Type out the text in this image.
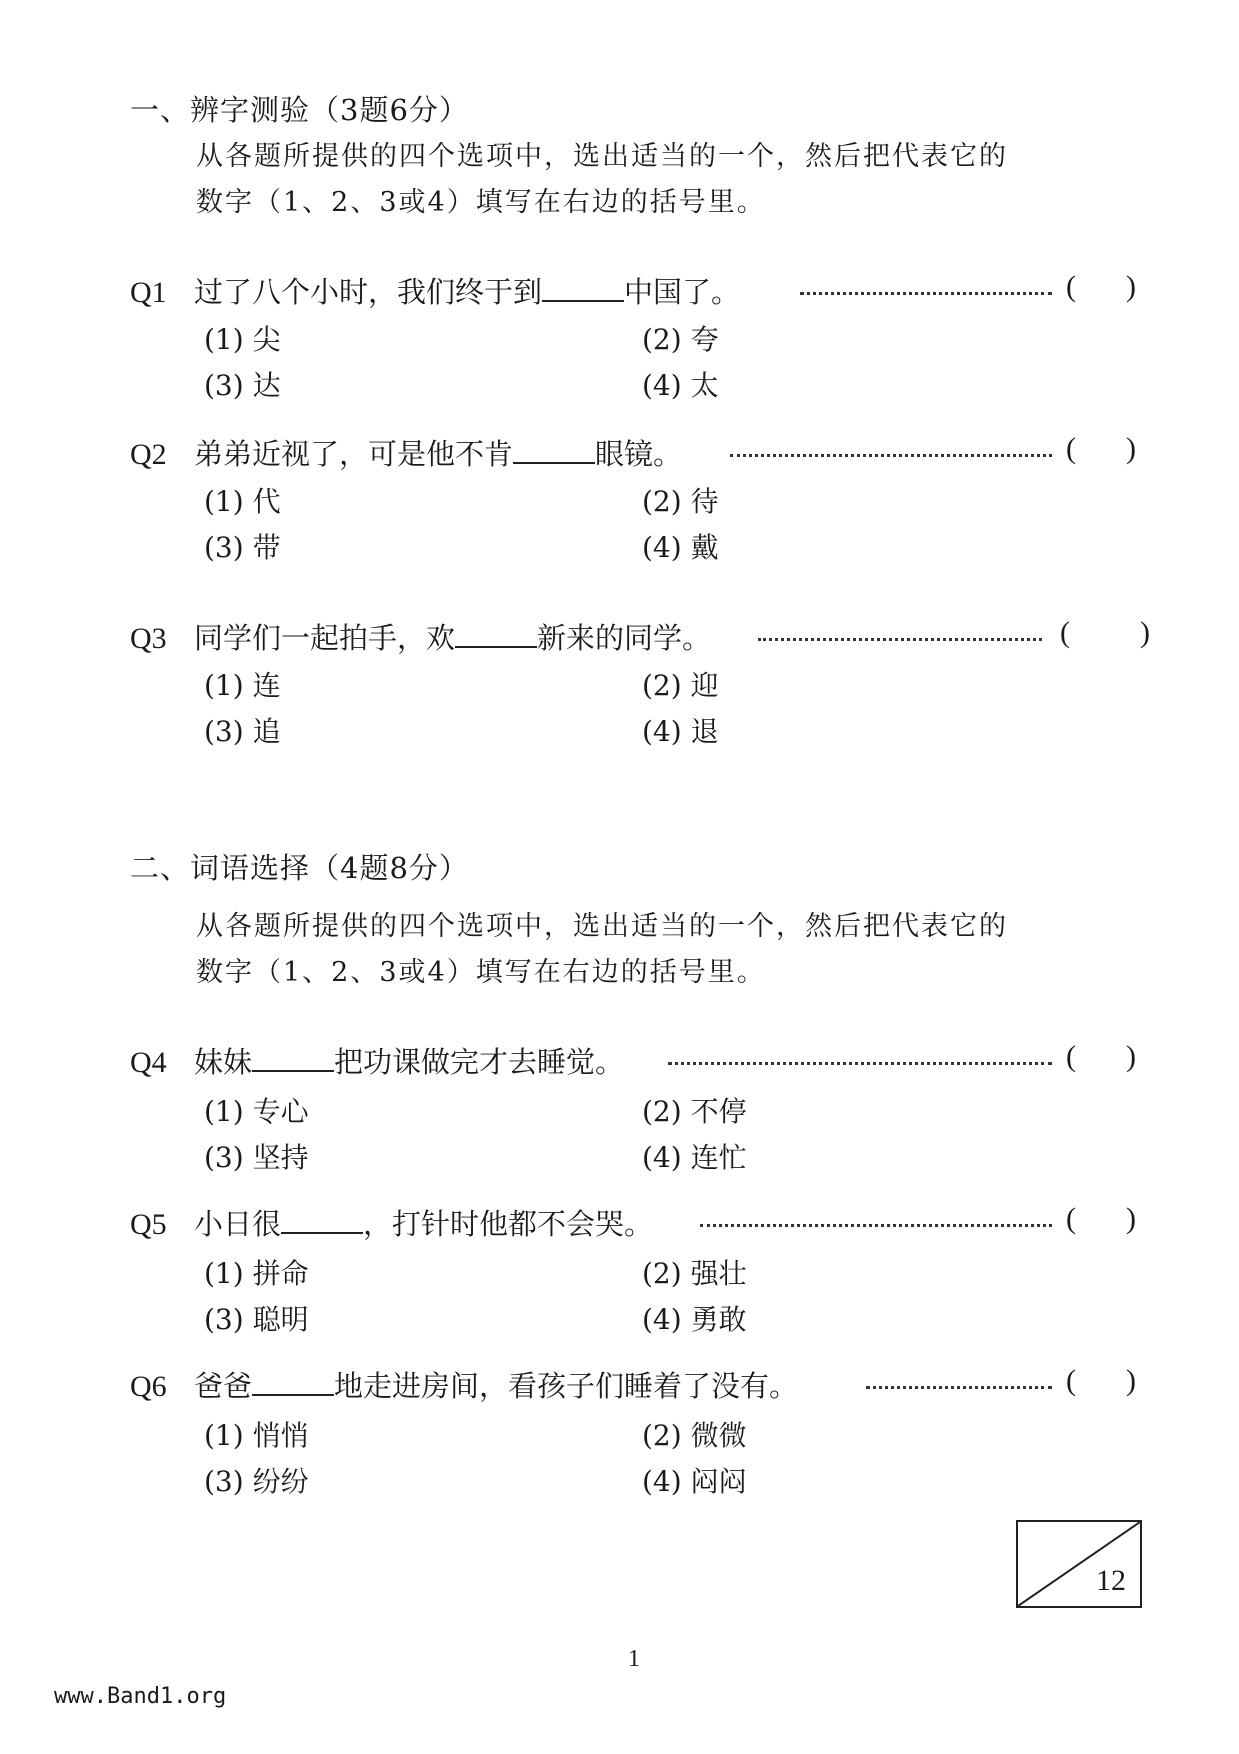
一、辨字测验（3题6分）
从各题所提供的四个选项中，选出适当的一个，然后把代表它的
数字（1、2、3或4）填写在右边的括号里。
Q1 过了八个小时，我们终于到	中国了。	( )
(1) 尖	(2) 夸
(3) 达	(4) 太
Q2 弟弟近视了，可是他不肯	眼镜。	( )
(1) 代	(2) 待
(3) 带	(4) 戴
Q3 同学们一起拍手，欢	新来的同学。	( )
(1) 连	(2) 迎
(3) 追	(4) 退
二、词语选择（4题8分）
从各题所提供的四个选项中，选出适当的一个，然后把代表它的
数字（1、2、3或4）填写在右边的括号里。
Q4 妹妹	把功课做完才去睡觉。	( )
(1) 专心	(2) 不停
(3) 坚持	(4) 连忙
Q5 小日很	，打针时他都不会哭。	( )
(1) 拼命	(2) 强壮
(3) 聪明	(4) 勇敢
Q6 爸爸	地走进房间，看孩子们睡着了没有。	( )
(1) 悄悄	(2) 微微
(3) 纷纷	(4) 闷闷
12
1
www.Band1.org
